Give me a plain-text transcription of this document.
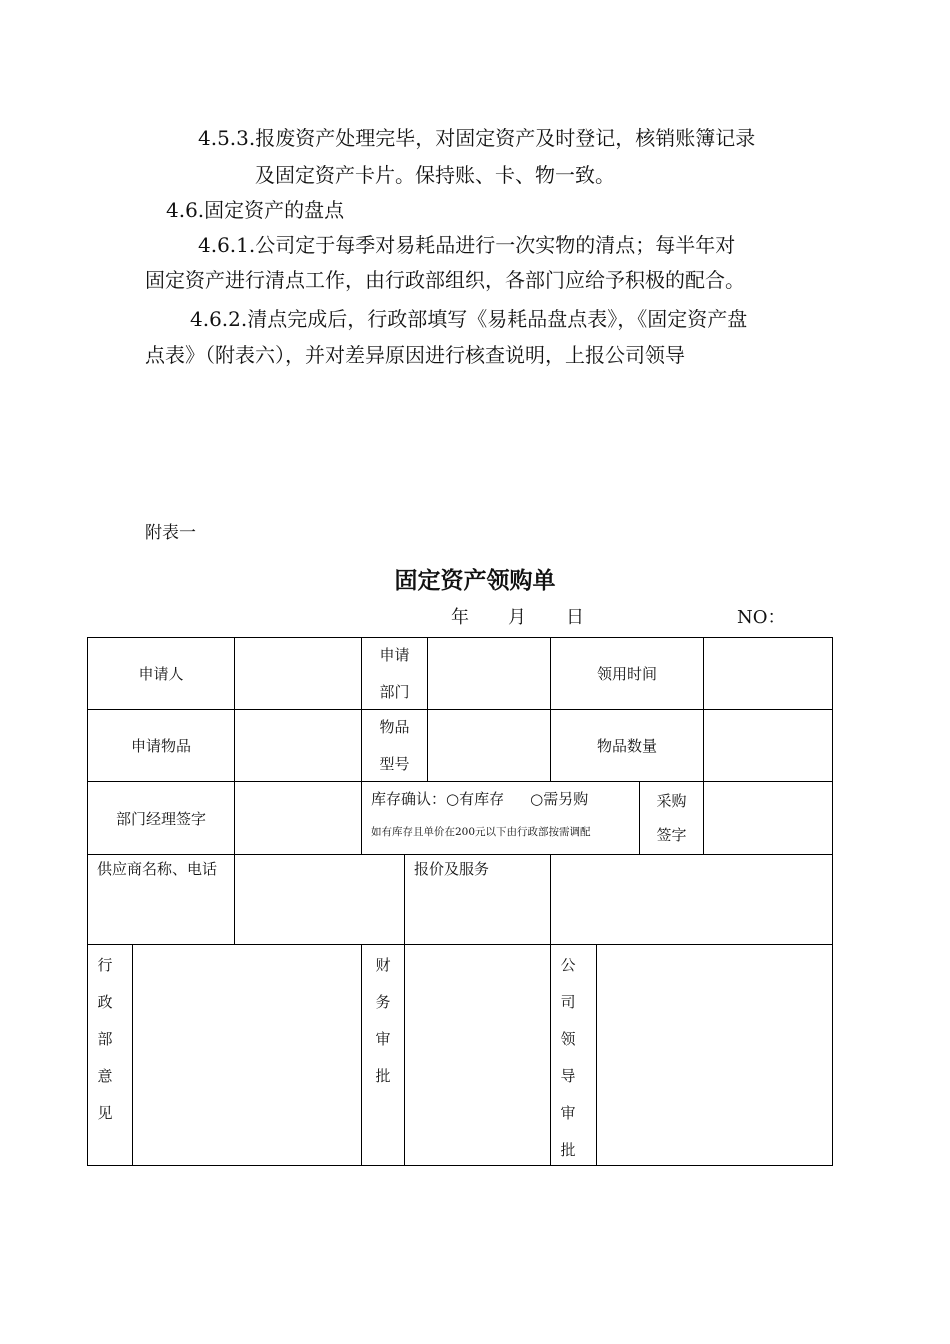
4.5.3.报废资产处理完毕，对固定资产及时登记，核销账簿记录
及固定资产卡片。保持账、卡、物一致。
4.6.固定资产的盘点
4.6.1.公司定于每季对易耗品进行一次实物的清点；每半年对
固定资产进行清点工作，由行政部组织，各部门应给予积极的配合。
4.6.2.清点完成后，行政部填写《易耗品盘点表》，《固定资产盘
点表》（附表六），并对差异原因进行核查说明，上报公司领导
附表一
固定资产领购单
年 月 日	NO：
申请人
申请部门
领用时间
申请物品
物品型号
物品数量
部门经理签字
库存确认：○有库存 ○需另购
如有库存且单价在200元以下由行政部按需调配
采购签字
供应商名称、电话	报价及服务
行政部意见
财务审批
公司领导审批
